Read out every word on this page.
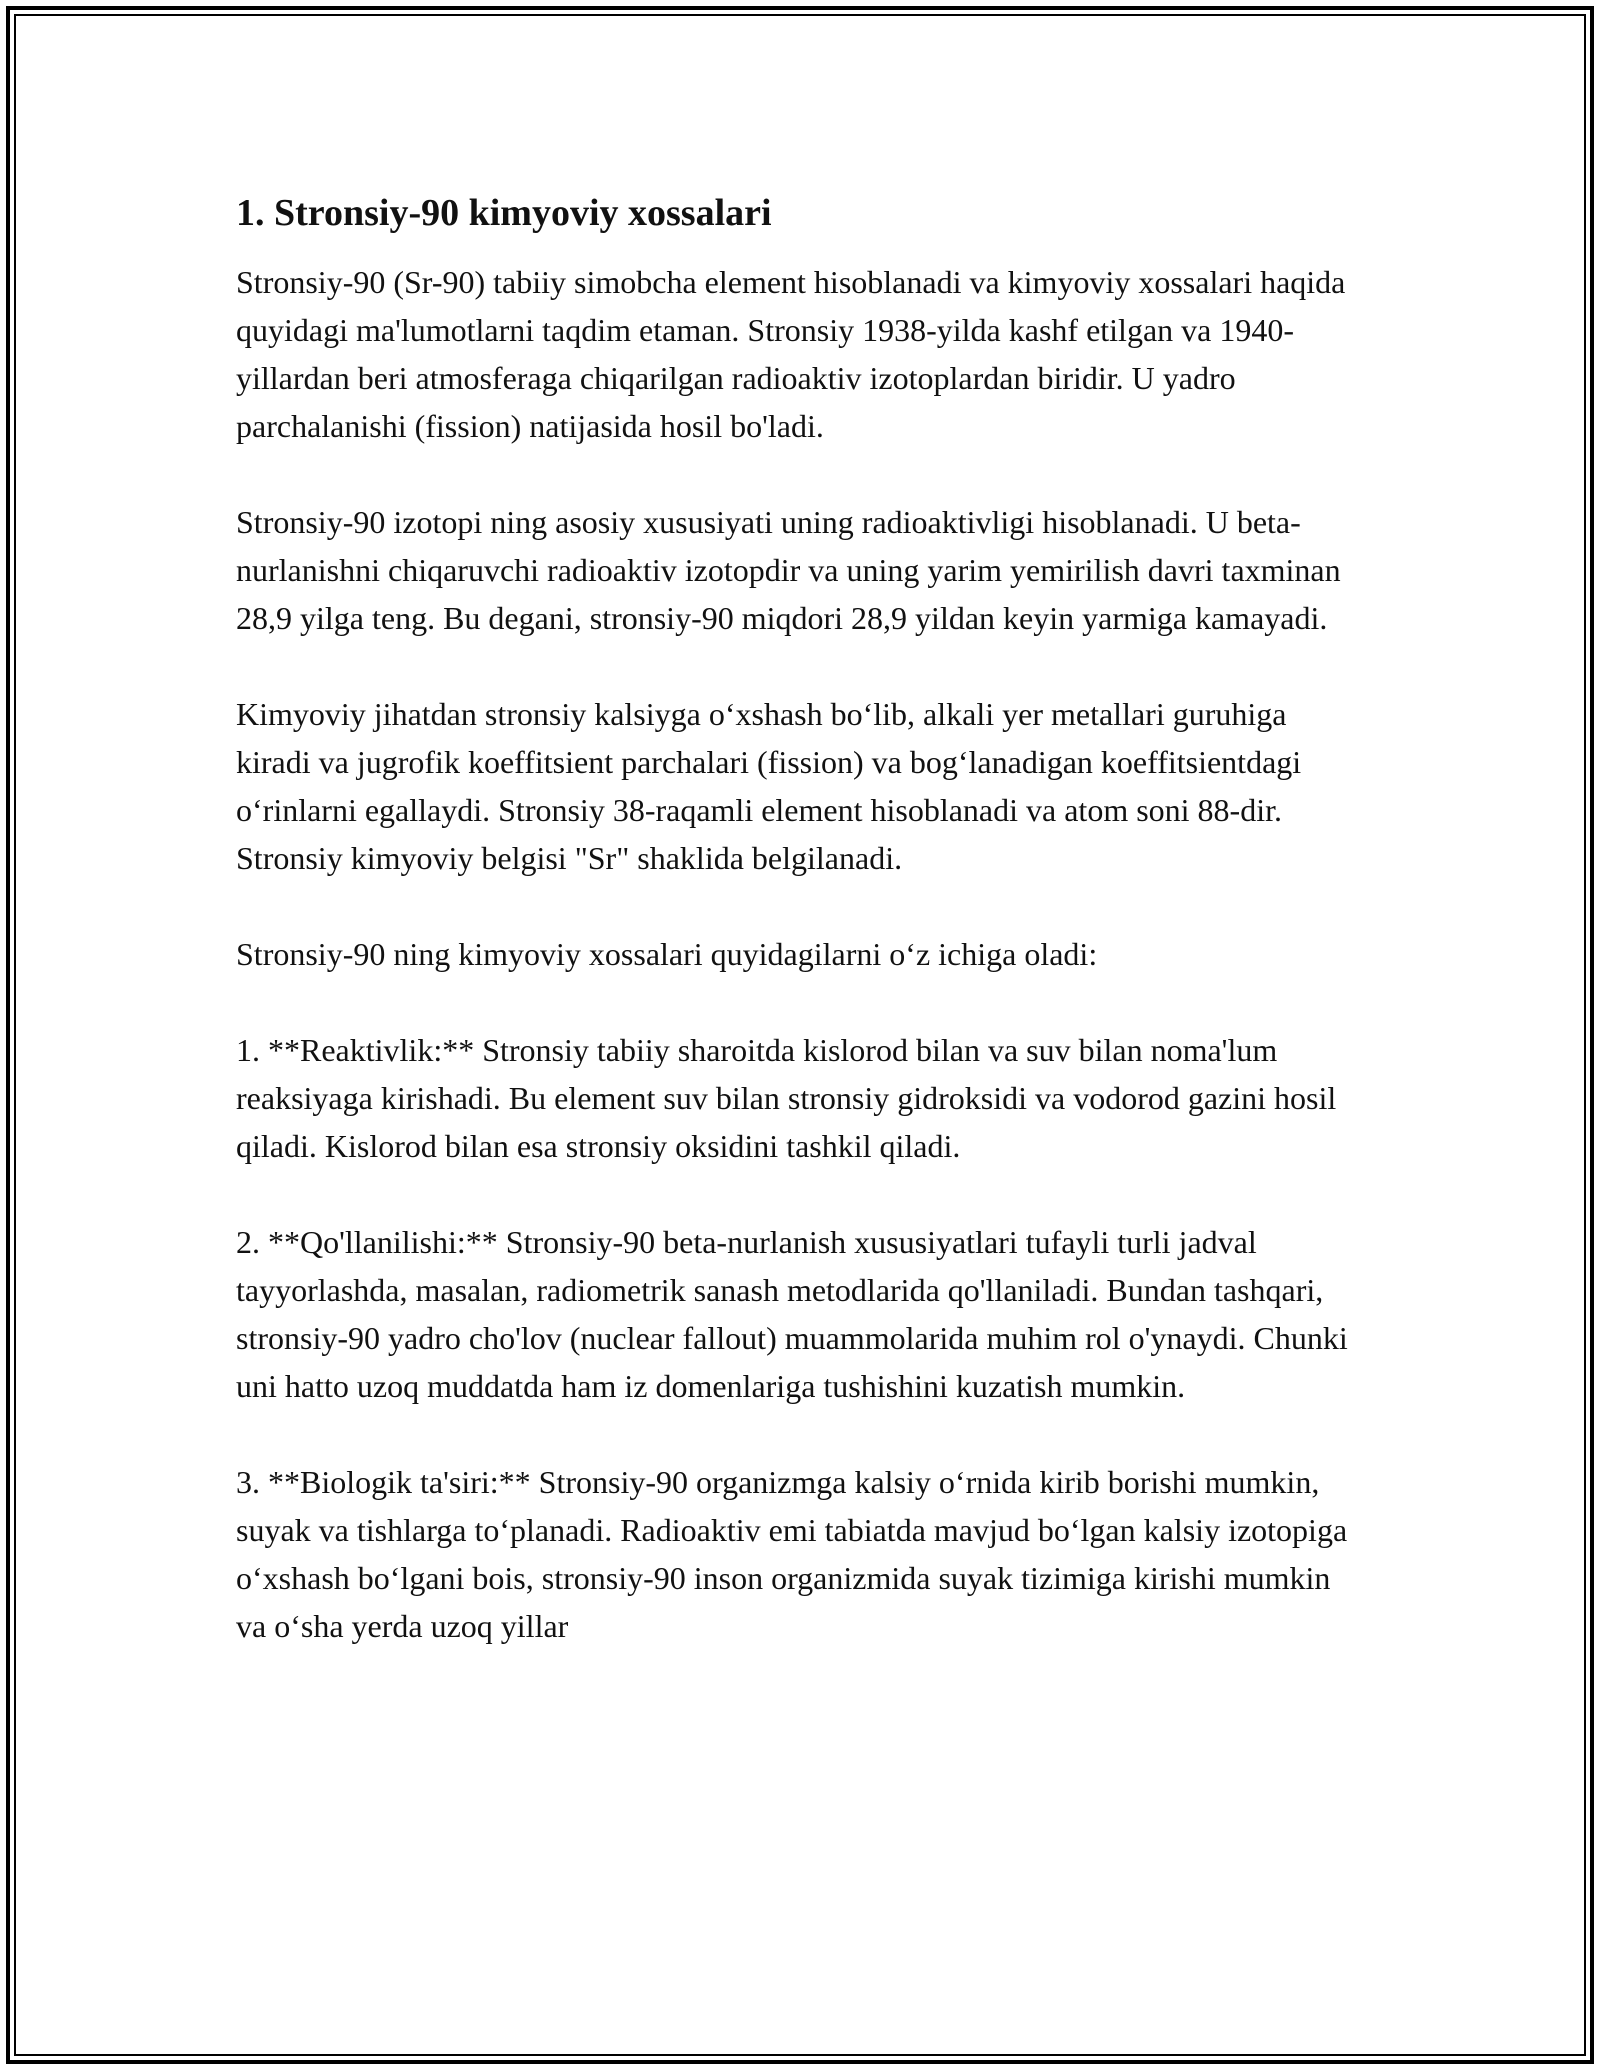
1. Stronsiy-90 kimyoviy xossalari

Stronsiy-90 (Sr-90) tabiiy simobcha element hisoblanadi va kimyoviy xossalari haqida quyidagi ma'lumotlarni taqdim etaman. Stronsiy 1938-yilda kashf etilgan va 1940-yillardan beri atmosferaga chiqarilgan radioaktiv izotoplardan biridir. U yadro parchalanishi (fission) natijasida hosil bo'ladi.

Stronsiy-90 izotopi ning asosiy xususiyati uning radioaktivligi hisoblanadi. U beta-nurlanishni chiqaruvchi radioaktiv izotopdir va uning yarim yemirilish davri taxminan 28,9 yilga teng. Bu degani, stronsiy-90 miqdori 28,9 yildan keyin yarmiga kamayadi.

Kimyoviy jihatdan stronsiy kalsiyga o‘xshash bo‘lib, alkali yer metallari guruhiga kiradi va jugrofik koeffitsient parchalari (fission) va bog‘lanadigan koeffitsientdagi o‘rinlarni egallaydi. Stronsiy 38-raqamli element hisoblanadi va atom soni 88-dir. Stronsiy kimyoviy belgisi "Sr" shaklida belgilanadi.

Stronsiy-90 ning kimyoviy xossalari quyidagilarni o‘z ichiga oladi:

1. **Reaktivlik:** Stronsiy tabiiy sharoitda kislorod bilan va suv bilan noma'lum reaksiyaga kirishadi. Bu element suv bilan stronsiy gidroksidi va vodorod gazini hosil qiladi. Kislorod bilan esa stronsiy oksidini tashkil qiladi.

2. **Qo'llanilishi:** Stronsiy-90 beta-nurlanish xususiyatlari tufayli turli jadval tayyorlashda, masalan, radiometrik sanash metodlarida qo'llaniladi. Bundan tashqari, stronsiy-90 yadro cho'lov (nuclear fallout) muammolarida muhim rol o'ynaydi. Chunki uni hatto uzoq muddatda ham iz domenlariga tushishini kuzatish mumkin.

3. **Biologik ta'siri:** Stronsiy-90 organizmga kalsiy o‘rnida kirib borishi mumkin, suyak va tishlarga to‘planadi. Radioaktiv emi tabiatda mavjud bo‘lgan kalsiy izotopiga o‘xshash bo‘lgani bois, stronsiy-90 inson organizmida suyak tizimiga kirishi mumkin va o‘sha yerda uzoq yillar
